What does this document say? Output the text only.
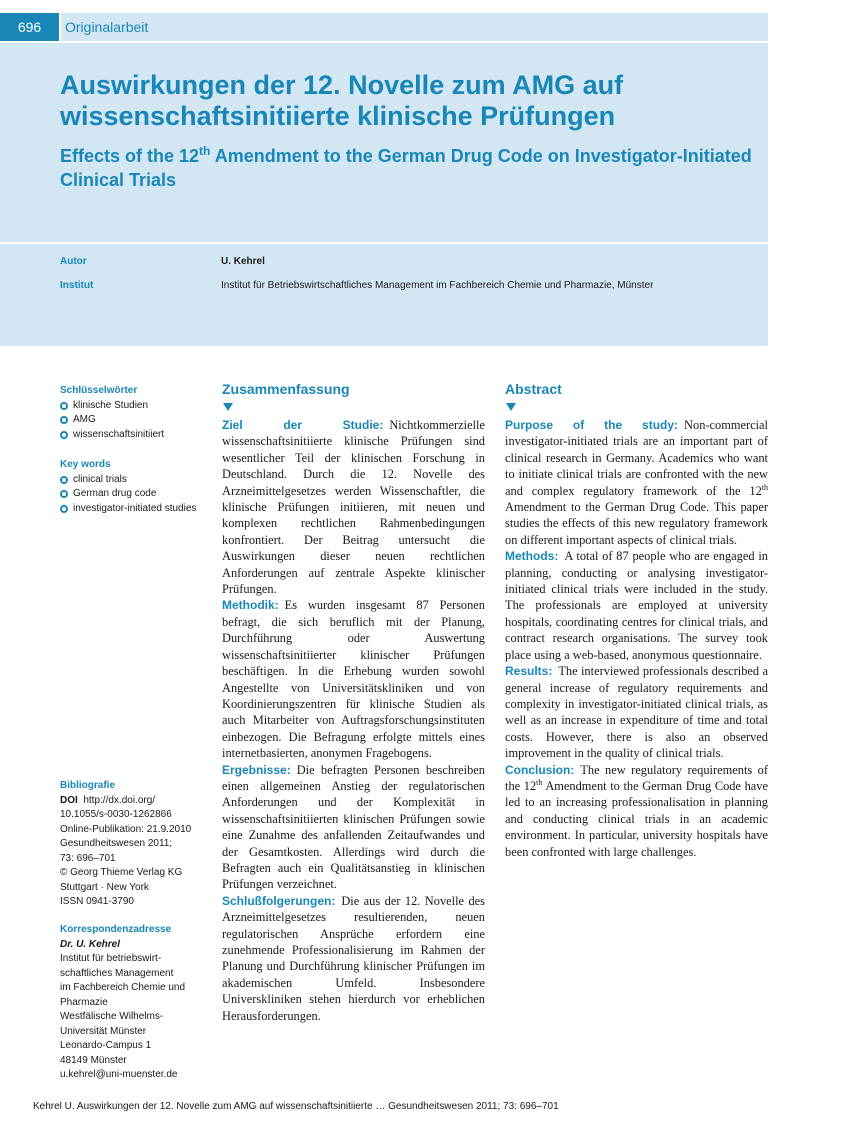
696	Originalarbeit
Auswirkungen der 12. Novelle zum AMG auf wissenschaftsinitiierte klinische Prüfungen
Effects of the 12th Amendment to the German Drug Code on Investigator-Initiated Clinical Trials
Autor	U. Kehrel
Institut	Institut für Betriebswirtschaftliches Management im Fachbereich Chemie und Pharmazie, Münster
Schlüsselwörter
klinische Studien
AMG
wissenschaftsinitiiert
Key words
clinical trials
German drug code
investigator-initiated studies
Bibliografie
DOI http://dx.doi.org/
10.1055/s-0030-1262866
Online-Publikation: 21.9.2010
Gesundheitswesen 2011;
73: 696–701
© Georg Thieme Verlag KG
Stuttgart · New York
ISSN 0941-3790
Korrespondenzadresse
Dr. U. Kehrel
Institut für betriebswirt-
schaftliches Management
im Fachbereich Chemie und
Pharmazie
Westfälische Wilhelms-
Universität Münster
Leonardo-Campus 1
48149 Münster
u.kehrel@uni-muenster.de
Zusammenfassung

Ziel der Studie: Nichtkommerzielle wissenschaftsinitiierte klinische Prüfungen sind wesentlicher Teil der klinischen Forschung in Deutschland. Durch die 12. Novelle des Arzneimittelgesetzes werden Wissenschaftler, die klinische Prüfungen initiieren, mit neuen und komplexen rechtlichen Rahmenbedingungen konfrontiert. Der Beitrag untersucht die Auswirkungen dieser neuen rechtlichen Anforderungen auf zentrale Aspekte klinischer Prüfungen.

Methodik: Es wurden insgesamt 87 Personen befragt, die sich beruflich mit der Planung, Durchführung oder Auswertung wissenschaftsinitiierter klinischer Prüfungen beschäftigen. In die Erhebung wurden sowohl Angestellte von Universitätskliniken und von Koordinierungszentren für klinische Studien als auch Mitarbeiter von Auftragsforschungsinstituten einbezogen. Die Befragung erfolgte mittels eines internetbasierten, anonymen Fragebogens.

Ergebnisse: Die befragten Personen beschreiben einen allgemeinen Anstieg der regulatorischen Anforderungen und der Komplexität in wissenschaftsinitiierten klinischen Prüfungen sowie eine Zunahme des anfallenden Zeitaufwandes und der Gesamtkosten. Allerdings wird durch die Befragten auch ein Qualitätsanstieg in klinischen Prüfungen verzeichnet.

Schlußfolgerungen: Die aus der 12. Novelle des Arzneimittelgesetzes resultierenden, neuen regulatorischen Ansprüche erfordern eine zunehmende Professionalisierung im Rahmen der Planung und Durchführung klinischer Prüfungen im akademischen Umfeld. Insbesondere Universkliniken stehen hierdurch vor erheblichen Herausforderungen.

Abstract

Purpose of the study: Non-commercial investigator-initiated trials are an important part of clinical research in Germany. Academics who want to initiate clinical trials are confronted with the new and complex regulatory framework of the 12th Amendment to the German Drug Code. This paper studies the effects of this new regulatory framework on different important aspects of clinical trials.

Methods: A total of 87 people who are engaged in planning, conducting or analysing investigator-initiated clinical trials were included in the study. The professionals are employed at university hospitals, coordinating centres for clinical trials, and contract research organisations. The survey took place using a web-based, anonymous questionnaire.

Results: The interviewed professionals described a general increase of regulatory requirements and complexity in investigator-initiated clinical trials, as well as an increase in expenditure of time and total costs. However, there is also an observed improvement in the quality of clinical trials.

Conclusion: The new regulatory requirements of the 12th Amendment to the German Drug Code have led to an increasing professionalisation in planning and conducting clinical trials in an academic environment. In particular, university hospitals have been confronted with large challenges.

Kehrel U. Auswirkungen der 12. Novelle zum AMG auf wissenschaftsinitiierte … Gesundheitswesen 2011; 73: 696–701
